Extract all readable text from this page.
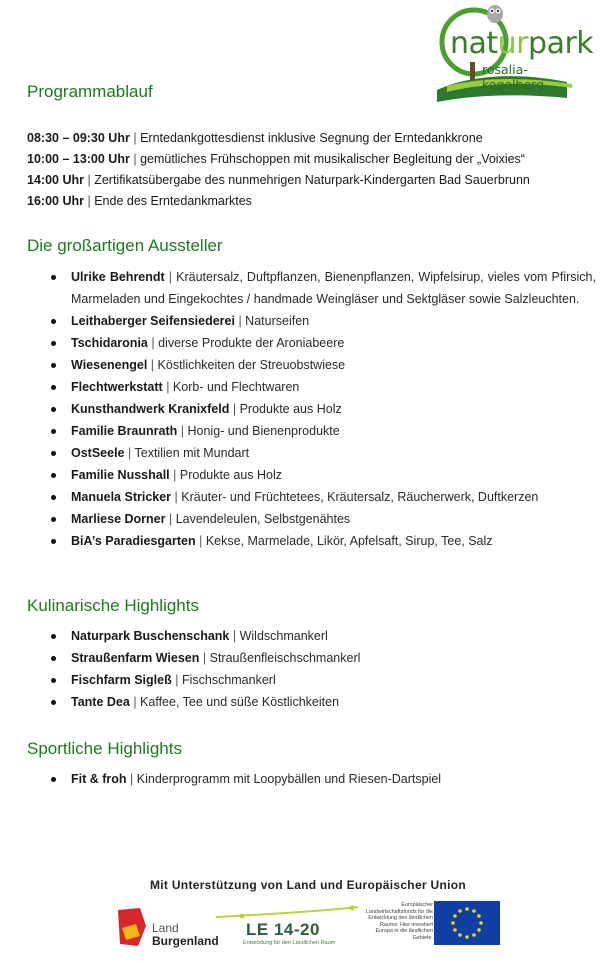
naturpark
rosalia-kogelberg
Programmablauf
08:30 – 09:30 Uhr | Erntedankgottesdienst inklusive Segnung der Erntedankkrone
10:00 – 13:00 Uhr | gemütliches Frühschoppen mit musikalischer Begleitung der „Voixies“
14:00 Uhr | Zertifikatsübergabe des nunmehrigen Naturpark-Kindergarten Bad Sauerbrunn
16:00 Uhr | Ende des Erntedankmarktes
Die großartigen Aussteller
Ulrike Behrendt | Kräutersalz, Duftpflanzen, Bienenpflanzen, Wipfelsirup, vieles vom Pfirsich, Marmeladen und Eingekochtes / handmade Weingläser und Sektgläser sowie Salzleuchten.
Leithaberger Seifensiederei | Naturseifen
Tschidaronia | diverse Produkte der Aroniabeere
Wiesenengel | Köstlichkeiten der Streuobstwiese
Flechtwerkstatt | Korb- und Flechtwaren
Kunsthandwerk Kranixfeld | Produkte aus Holz
Familie Braunrath | Honig- und Bienenprodukte
OstSeele | Textilien mit Mundart
Familie Nusshall | Produkte aus Holz
Manuela Stricker | Kräuter- und Früchtetees, Kräutersalz, Räucherwerk, Duftkerzen
Marliese Dorner | Lavendeleulen, Selbstgenähtes
BiA’s Paradiesgarten | Kekse, Marmelade, Likör, Apfelsaft, Sirup, Tee, Salz
Kulinarische Highlights
Naturpark Buschenschank | Wildschmankerl
Straußenfarm Wiesen | Straußenfleischschmankerl
Fischfarm Sigleß | Fischschmankerl
Tante Dea | Kaffee, Tee und süße Köstlichkeiten
Sportliche Highlights
Fit & froh | Kinderprogramm mit Loopybällen und Riesen-Dartspiel
Mit Unterstützung von Land und Europäischer Union
Land
Burgenland
LE 14-20
Entwicklung für den Ländlichen Raum
Europäischer Landwirtschaftsfonds für die Entwicklung des ländlichen Raums: Hier investiert Europa in die ländlichen Gebiete.
